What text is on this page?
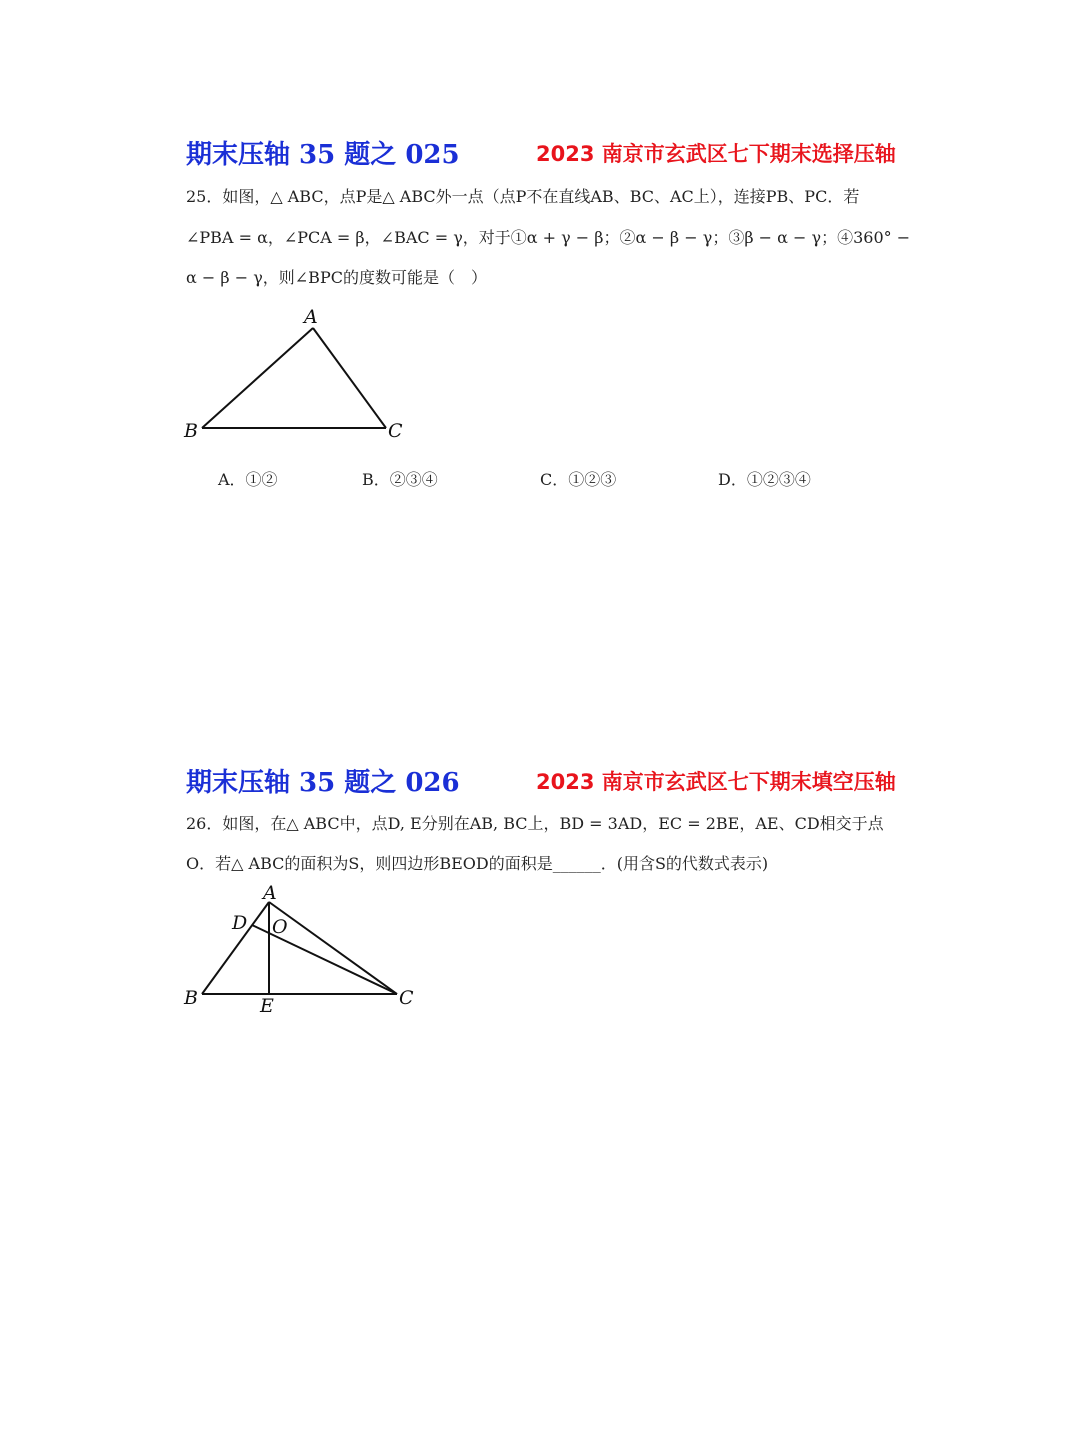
期末压轴 35 题之 025	2023 南京市玄武区七下期末选择压轴
25．如图，△ ABC，点P是△ ABC外一点（点P不在直线AB、BC、AC上），连接PB、PC．若
∠PBA = α，∠PCA = β，∠BAC = γ，对于①α + γ − β；②α − β − γ；③β − α − γ；④360° −
α − β − γ，则∠BPC的度数可能是（　）
A
B	C
A．①②	B．②③④	C．①②③	D．①②③④
期末压轴 35 题之 026	2023 南京市玄武区七下期末填空压轴
26．如图，在△ ABC中，点D, E分别在AB, BC上，BD = 3AD，EC = 2BE，AE、CD相交于点
O．若△ ABC的面积为S，则四边形BEOD的面积是______．(用含S的代数式表示)
A
D O
B	E	C
